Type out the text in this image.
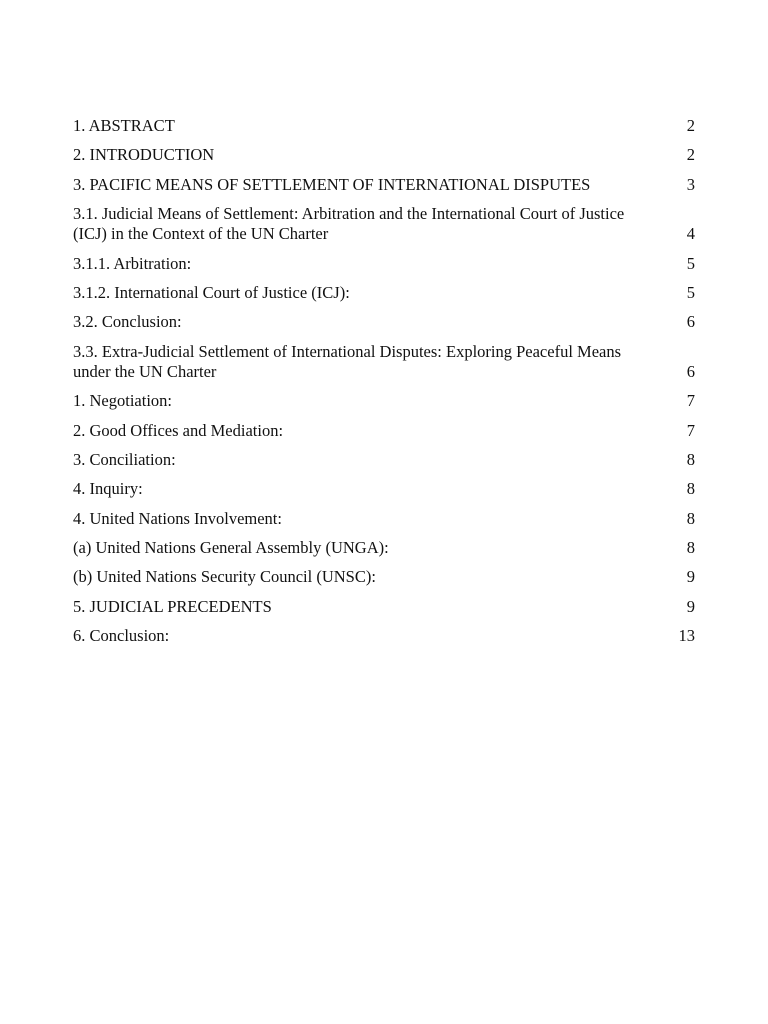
1. ABSTRACT	2
2. INTRODUCTION	2
3. PACIFIC MEANS OF SETTLEMENT OF INTERNATIONAL DISPUTES	3
3.1. Judicial Means of Settlement: Arbitration and the International Court of Justice (ICJ) in the Context of the UN Charter	4
3.1.1. Arbitration:	5
3.1.2. International Court of Justice (ICJ):	5
3.2. Conclusion:	6
3.3. Extra-Judicial Settlement of International Disputes: Exploring Peaceful Means under the UN Charter	6
1. Negotiation:	7
2. Good Offices and Mediation:	7
3. Conciliation:	8
4. Inquiry:	8
4. United Nations Involvement:	8
(a) United Nations General Assembly (UNGA):	8
(b) United Nations Security Council (UNSC):	9
5. JUDICIAL PRECEDENTS	9
6. Conclusion:	13
